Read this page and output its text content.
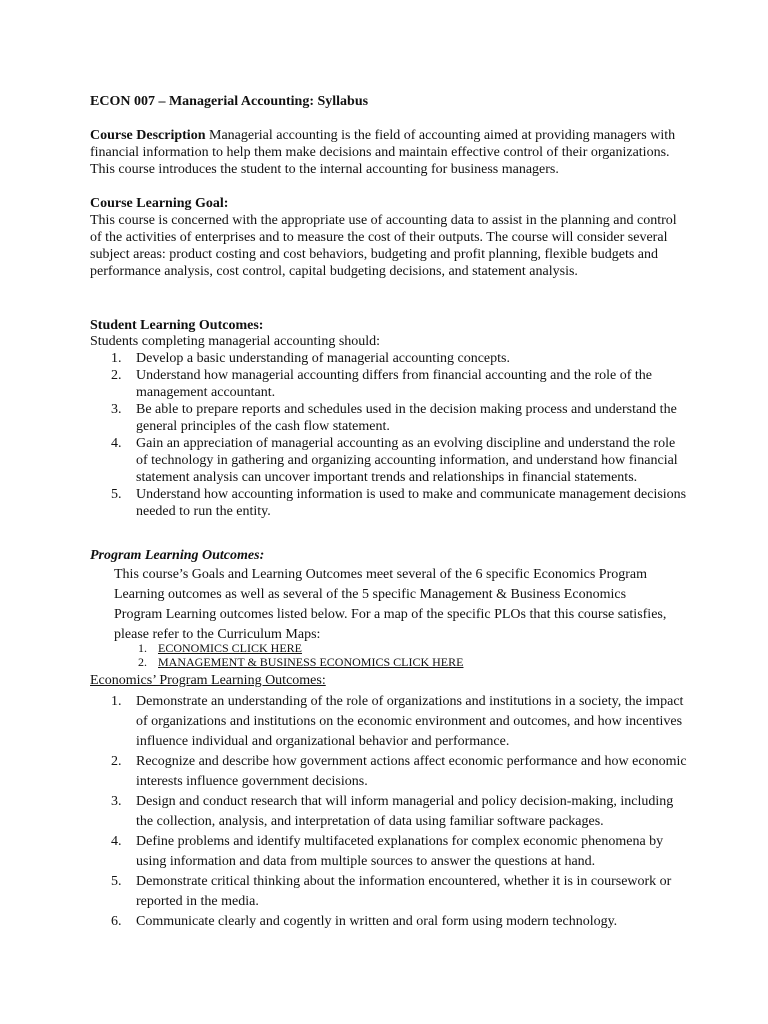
ECON 007 – Managerial Accounting: Syllabus

Course Description Managerial accounting is the field of accounting aimed at providing managers with financial information to help them make decisions and maintain effective control of their organizations. This course introduces the student to the internal accounting for business managers.

Course Learning Goal:

This course is concerned with the appropriate use of accounting data to assist in the planning and control of the activities of enterprises and to measure the cost of their outputs. The course will consider several subject areas: product costing and cost behaviors, budgeting and profit planning, flexible budgets and performance analysis, cost control, capital budgeting decisions, and statement analysis.

Student Learning Outcomes:

Students completing managerial accounting should:

1. Develop a basic understanding of managerial accounting concepts.
2. Understand how managerial accounting differs from financial accounting and the role of the management accountant.
3. Be able to prepare reports and schedules used in the decision making process and understand the general principles of the cash flow statement.
4. Gain an appreciation of managerial accounting as an evolving discipline and understand the role of technology in gathering and organizing accounting information, and understand how financial statement analysis can uncover important trends and relationships in financial statements.
5. Understand how accounting information is used to make and communicate management decisions needed to run the entity.

Program Learning Outcomes:

This course’s Goals and Learning Outcomes meet several of the 6 specific Economics Program Learning outcomes as well as several of the 5 specific Management & Business Economics Program Learning outcomes listed below. For a map of the specific PLOs that this course satisfies, please refer to the Curriculum Maps:

1. ECONOMICS CLICK HERE
2. MANAGEMENT & BUSINESS ECONOMICS CLICK HERE

Economics’ Program Learning Outcomes:

1. Demonstrate an understanding of the role of organizations and institutions in a society, the impact of organizations and institutions on the economic environment and outcomes, and how incentives influence individual and organizational behavior and performance.
2. Recognize and describe how government actions affect economic performance and how economic interests influence government decisions.
3. Design and conduct research that will inform managerial and policy decision-making, including the collection, analysis, and interpretation of data using familiar software packages.
4. Define problems and identify multifaceted explanations for complex economic phenomena by using information and data from multiple sources to answer the questions at hand.
5. Demonstrate critical thinking about the information encountered, whether it is in coursework or reported in the media.
6. Communicate clearly and cogently in written and oral form using modern technology.
